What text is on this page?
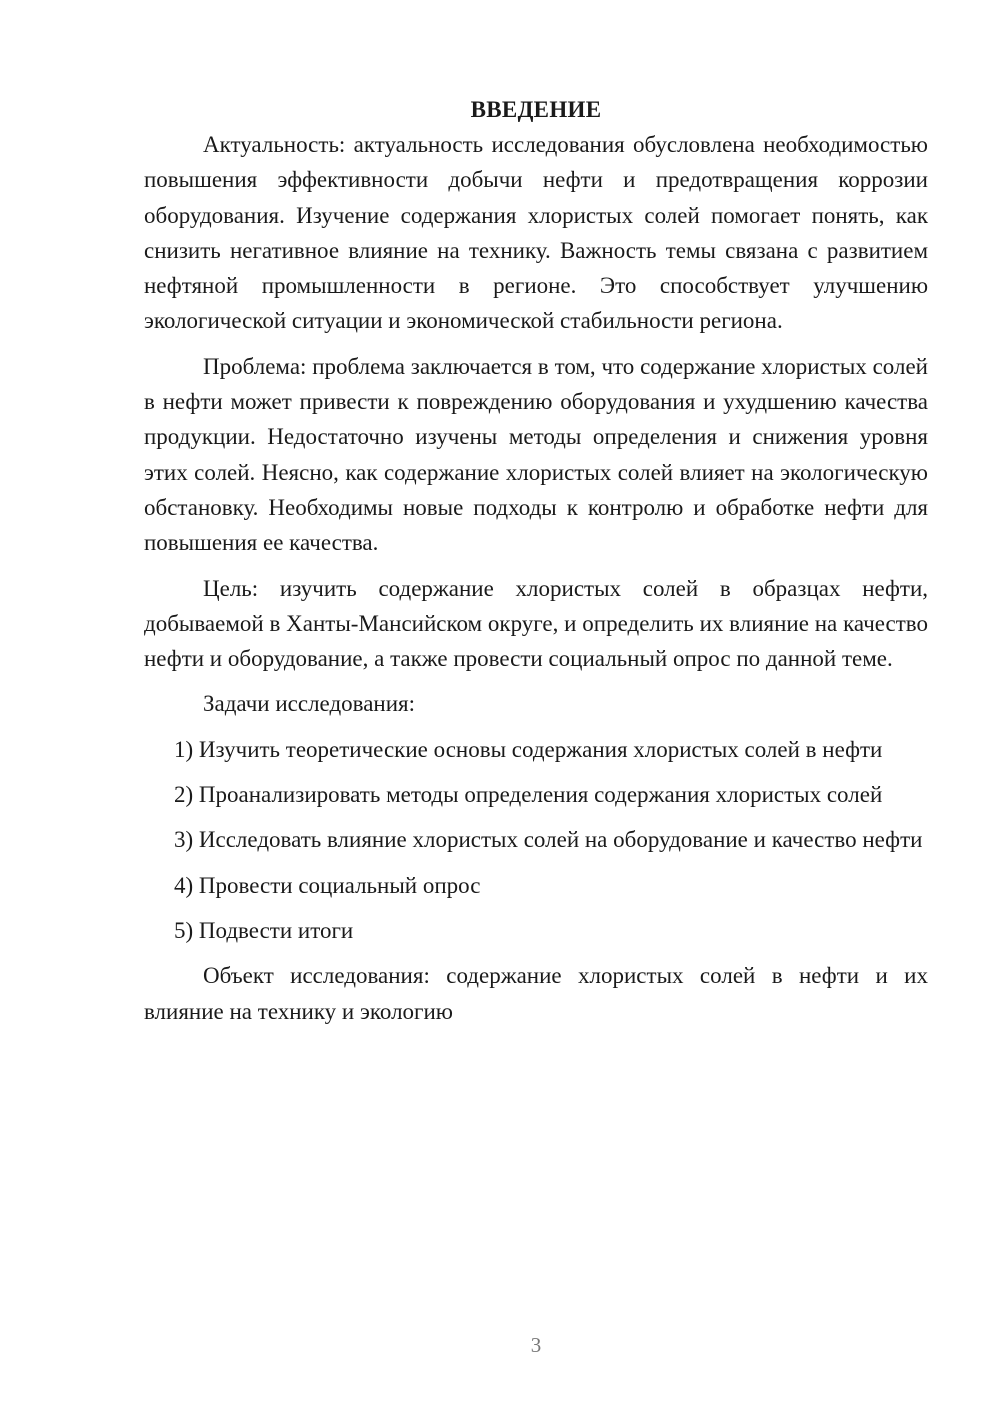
ВВЕДЕНИЕ

Актуальность: актуальность исследования обусловлена необходимостью повышения эффективности добычи нефти и предотвращения коррозии оборудования. Изучение содержания хлористых солей помогает понять, как снизить негативное влияние на технику. Важность темы связана с развитием нефтяной промышленности в регионе. Это способствует улучшению экологической ситуации и экономической стабильности региона.

Проблема: проблема заключается в том, что содержание хлористых солей в нефти может привести к повреждению оборудования и ухудшению качества продукции. Недостаточно изучены методы определения и снижения уровня этих солей. Неясно, как содержание хлористых солей влияет на экологическую обстановку. Необходимы новые подходы к контролю и обработке нефти для повышения ее качества.

Цель: изучить содержание хлористых солей в образцах нефти, добываемой в Ханты-Мансийском округе, и определить их влияние на качество нефти и оборудование, а также провести социальный опрос по данной теме.

Задачи исследования:

1) Изучить теоретические основы содержания хлористых солей в нефти

2) Проанализировать методы определения содержания хлористых солей

3) Исследовать влияние хлористых солей на оборудование и качество нефти

4) Провести социальный опрос

5) Подвести итоги

Объект исследования: содержание хлористых солей в нефти и их влияние на технику и экологию

3
